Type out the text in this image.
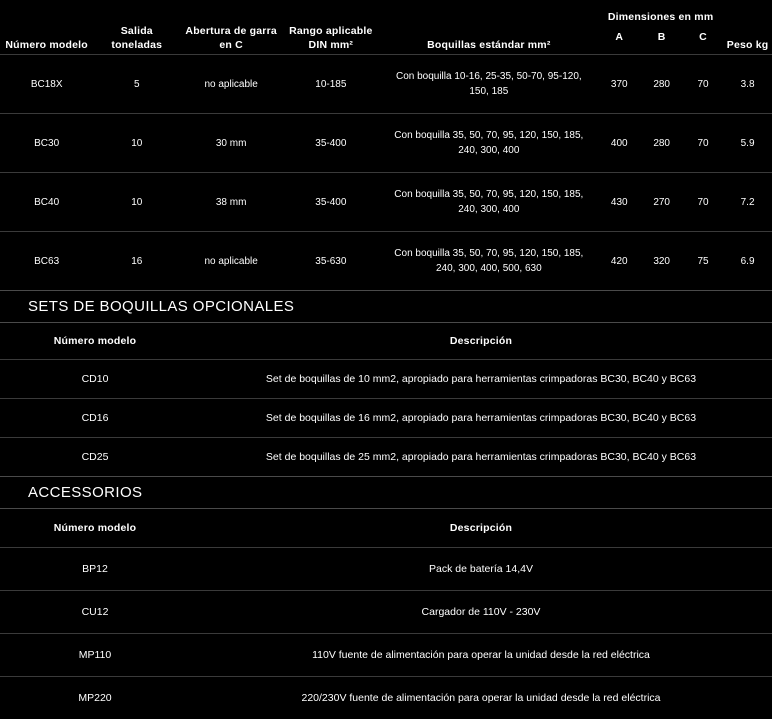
Número modelo	Salida toneladas	Abertura de garra en C	Rango aplicable DIN mm²	Boquillas estándar mm²	Dimensiones en mm			Peso kg
					A	B	C	
BC18X	5	no aplicable	10-185	Con boquilla 10-16, 25-35, 50-70, 95-120, 150, 185	370	280	70	3.8
BC30	10	30 mm	35-400	Con boquilla 35, 50, 70, 95, 120, 150, 185, 240, 300, 400	400	280	70	5.9
BC40	10	38 mm	35-400	Con boquilla 35, 50, 70, 95, 120, 150, 185, 240, 300, 400	430	270	70	7.2
BC63	16	no aplicable	35-630	Con boquilla 35, 50, 70, 95, 120, 150, 185, 240, 300, 400, 500, 630	420	320	75	6.9
SETS DE BOQUILLAS OPCIONALES
Número modelo	Descripción
CD10	Set de boquillas de 10 mm2, apropiado para herramientas crimpadoras BC30, BC40 y BC63
CD16	Set de boquillas de 16 mm2, apropiado para herramientas crimpadoras BC30, BC40 y BC63
CD25	Set de boquillas de 25 mm2, apropiado para herramientas crimpadoras BC30, BC40 y BC63
ACCESSORIOS
Número modelo	Descripción
BP12	Pack de batería 14,4V
CU12	Cargador de 110V - 230V
MP110	110V fuente de alimentación para operar la unidad desde la red eléctrica
MP220	220/230V fuente de alimentación para operar la unidad desde la red eléctrica
